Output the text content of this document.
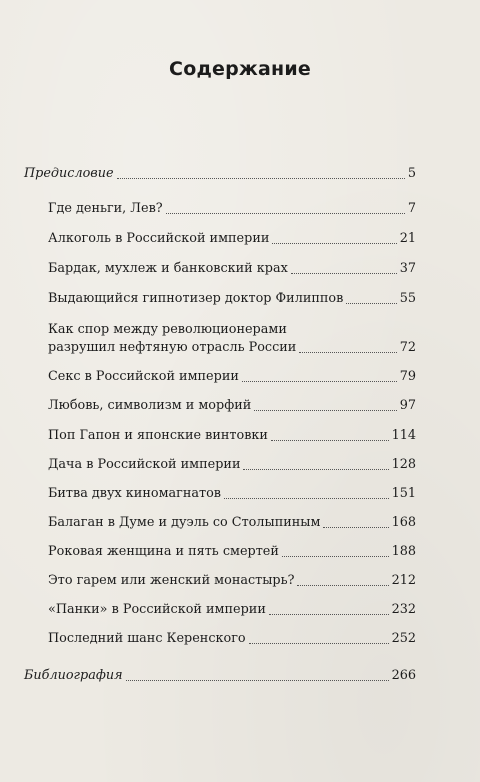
Содержание
Предисловие	5
Где деньги, Лев?	7
Алкоголь в Российской империи	21
Бардак, мухлеж и банковский крах	37
Выдающийся гипнотизер доктор Филиппов	55
Как спор между революционерами
разрушил нефтяную отрасль России	72
Секс в Российской империи	79
Любовь, символизм и морфий	97
Поп Гапон и японские винтовки	114
Дача в Российской империи	128
Битва двух киномагнатов	151
Балаган в Думе и дуэль со Столыпиным	168
Роковая женщина и пять смертей	188
Это гарем или женский монастырь?	212
«Панки» в Российской империи	232
Последний шанс Керенского	252
Библиография	266
